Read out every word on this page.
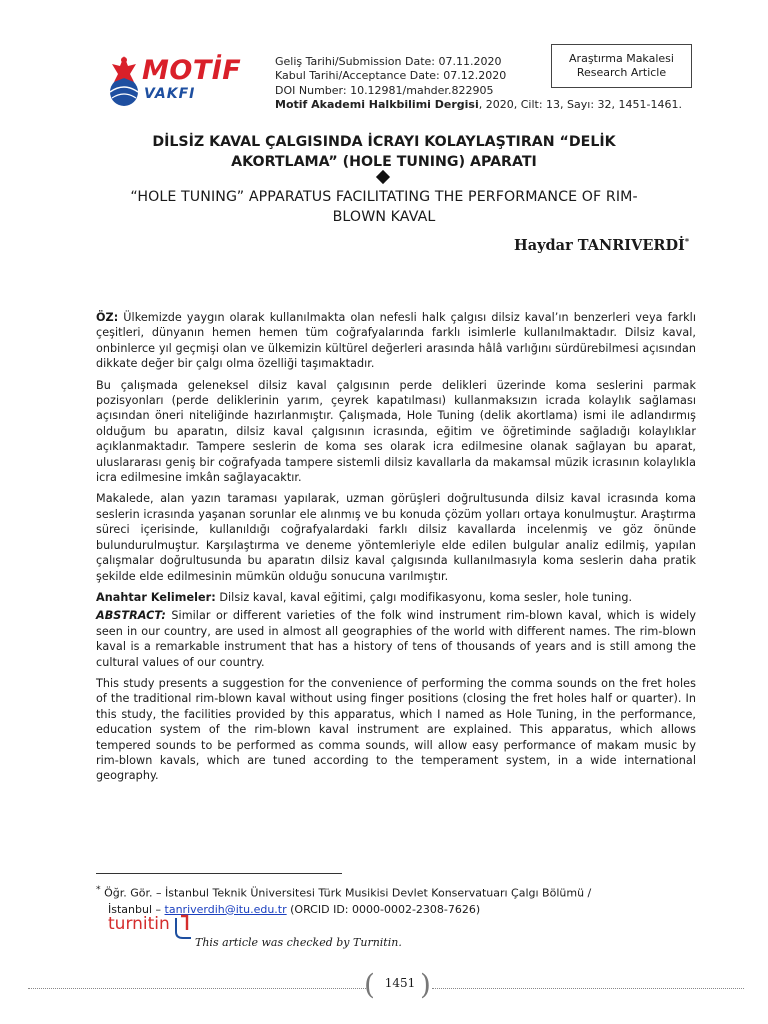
MOTİF
VAKFI
Geliş Tarihi/Submission Date: 07.11.2020
Kabul Tarihi/Acceptance Date: 07.12.2020
DOI Number: 10.12981/mahder.822905
Motif Akademi Halkbilimi Dergisi, 2020, Cilt: 13, Sayı: 32, 1451-1461.
Araştırma Makalesi
Research Article
DİLSİZ KAVAL ÇALGISINDA İCRAYI KOLAYLAŞTIRAN “DELİK
AKORTLAMA” (HOLE TUNING) APARATI
“HOLE TUNING” APPARATUS FACILITATING THE PERFORMANCE OF RIM-
BLOWN KAVAL
Haydar TANRIVERDİ*

ÖZ: Ülkemizde yaygın olarak kullanılmakta olan nefesli halk çalgısı dilsiz kaval’ın benzerleri veya farklı çeşitleri, dünyanın hemen hemen tüm coğrafyalarında farklı isimlerle kullanılmaktadır. Dilsiz kaval, onbinlerce yıl geçmişi olan ve ülkemizin kültürel değerleri arasında hâlâ varlığını sürdürebilmesi açısından dikkate değer bir çalgı olma özelliği taşımaktadır.

Bu çalışmada geleneksel dilsiz kaval çalgısının perde delikleri üzerinde koma seslerini parmak pozisyonları (perde deliklerinin yarım, çeyrek kapatılması) kullanmaksızın icrada kolaylık sağlaması açısından öneri niteliğinde hazırlanmıştır. Çalışmada, Hole Tuning (delik akortlama) ismi ile adlandırmış olduğum bu aparatın, dilsiz kaval çalgısının icrasında, eğitim ve öğretiminde sağladığı kolaylıklar açıklanmaktadır. Tampere seslerin de koma ses olarak icra edilmesine olanak sağlayan bu aparat, uluslararası geniş bir coğrafyada tampere sistemli dilsiz kavallarla da makamsal müzik icrasının kolaylıkla icra edilmesine imkân sağlayacaktır.

Makalede, alan yazın taraması yapılarak, uzman görüşleri doğrultusunda dilsiz kaval icrasında koma seslerin icrasında yaşanan sorunlar ele alınmış ve bu konuda çözüm yolları ortaya konulmuştur. Araştırma süreci içerisinde, kullanıldığı coğrafyalardaki farklı dilsiz kavallarda incelenmiş ve göz önünde bulundurulmuştur. Karşılaştırma ve deneme yöntemleriyle elde edilen bulgular analiz edilmiş, yapılan çalışmalar doğrultusunda bu aparatın dilsiz kaval çalgısında kullanılmasıyla koma seslerin daha pratik şekilde elde edilmesinin mümkün olduğu sonucuna varılmıştır.

Anahtar Kelimeler: Dilsiz kaval, kaval eğitimi, çalgı modifikasyonu, koma sesler, hole tuning.

ABSTRACT: Similar or different varieties of the folk wind instrument rim-blown kaval, which is widely seen in our country, are used in almost all geographies of the world with different names. The rim-blown kaval is a remarkable instrument that has a history of tens of thousands of years and is still among the cultural values of our country.

This study presents a suggestion for the convenience of performing the comma sounds on the fret holes of the traditional rim-blown kaval without using finger positions (closing the fret holes half or quarter). In this study, the facilities provided by this apparatus, which I named as Hole Tuning, in the performance, education system of the rim-blown kaval instrument are explained. This apparatus, which allows tempered sounds to be performed as comma sounds, will allow easy performance of makam music by rim-blown kavals, which are tuned according to the temperament system, in a wide international geography.

* Öğr. Gör. – İstanbul Teknik Üniversitesi Türk Musikisi Devlet Konservatuarı Çalgı Bölümü /
İstanbul – tanriverdih@itu.edu.tr (ORCID ID: 0000-0002-2308-7626)
turnitin
This article was checked by Turnitin.
( )
1451
